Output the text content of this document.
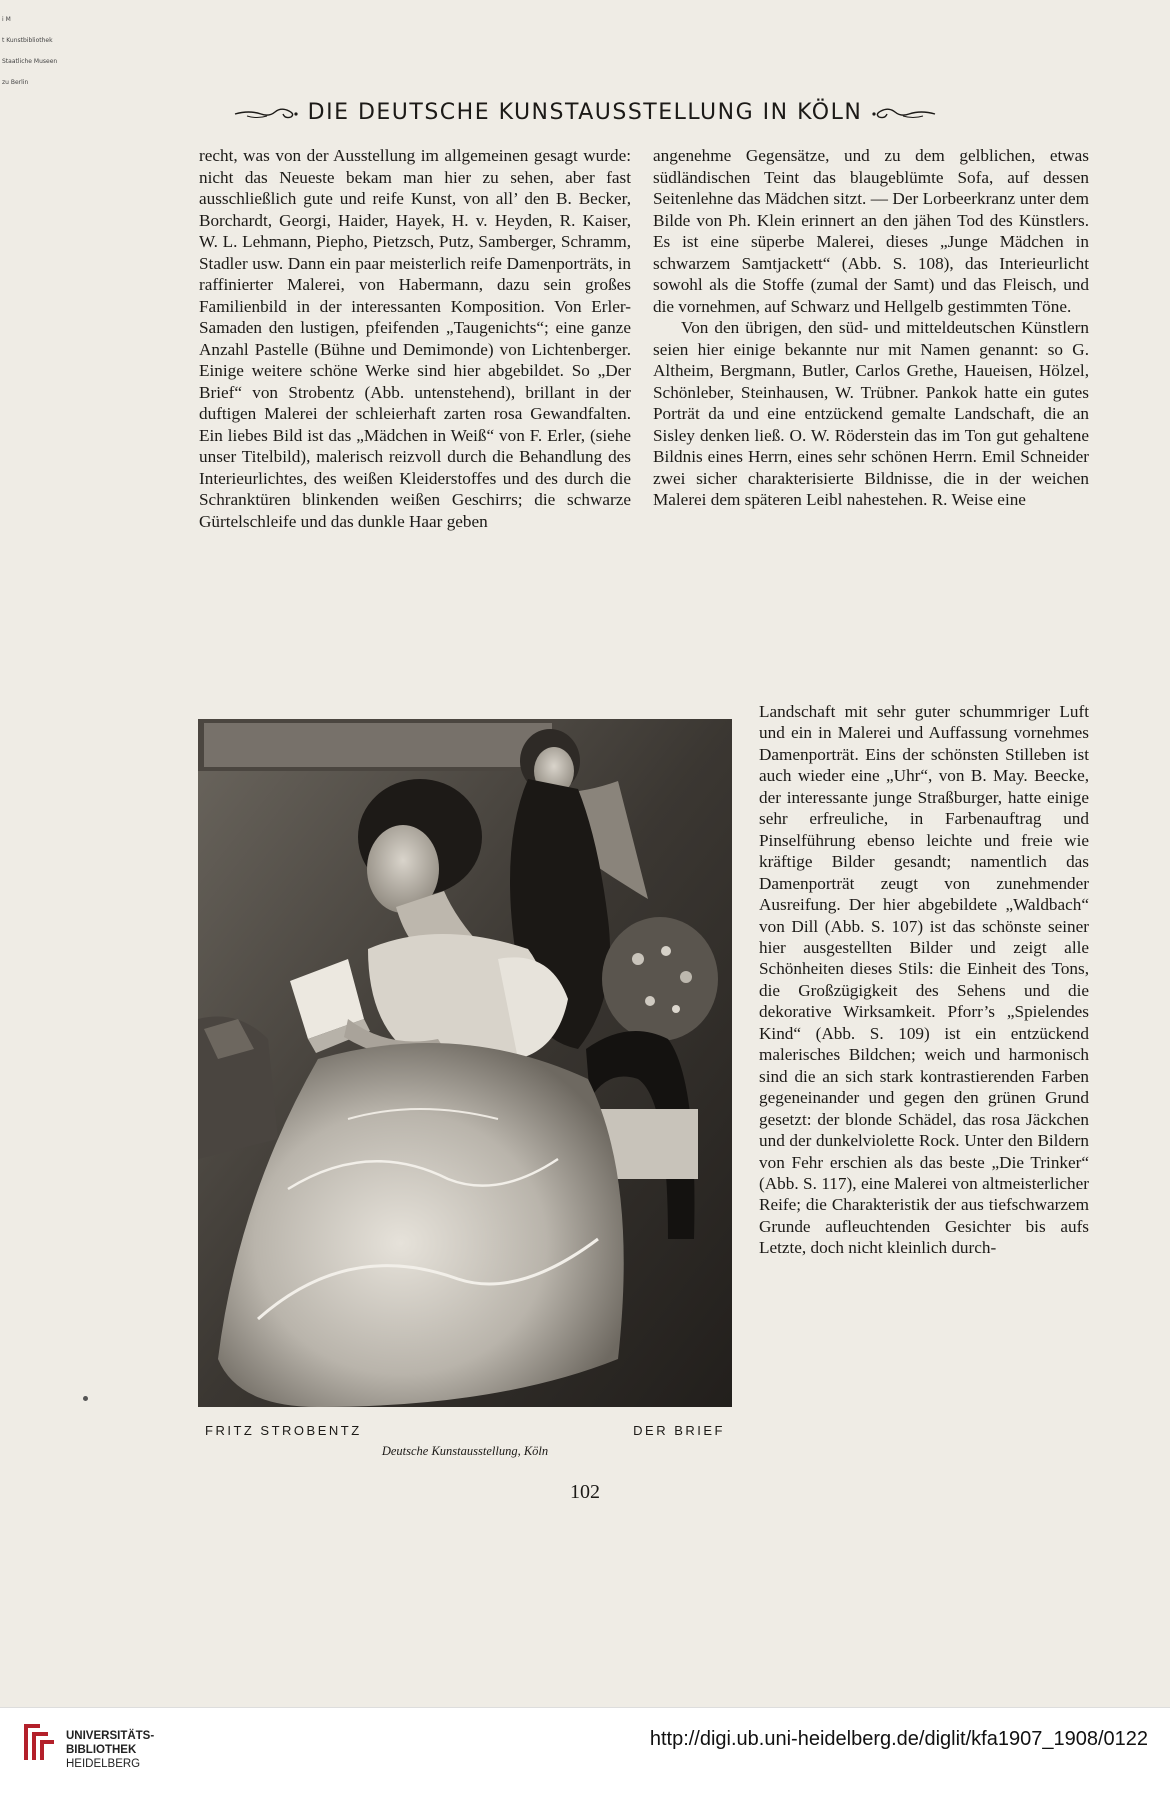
i M

t Kunstbibliothek

Staatliche Museen

zu Berlin

DIE DEUTSCHE KUNSTAUSSTELLUNG IN KÖLN

recht, was von der Ausstellung im allgemeinen gesagt wurde: nicht das Neueste bekam man hier zu sehen, aber fast ausschließlich gute und reife Kunst, von all’ den B. Becker, Borchardt, Georgi, Haider, Hayek, H. v. Heyden, R. Kaiser, W. L. Lehmann, Piepho, Pietzsch, Putz, Samberger, Schramm, Stadler usw. Dann ein paar meisterlich reife Damenporträts, in raffinierter Malerei, von Habermann, dazu sein großes Familienbild in der interessanten Komposition. Von Erler-Samaden den lustigen, pfeifenden „Taugenichts“; eine ganze Anzahl Pastelle (Bühne und Demimonde) von Lichtenberger. Einige weitere schöne Werke sind hier abgebildet. So „Der Brief“ von Strobentz (Abb. untenstehend), brillant in der duftigen Malerei der schleierhaft zarten rosa Gewandfalten. Ein liebes Bild ist das „Mädchen in Weiß“ von F. Erler, (siehe unser Titelbild), malerisch reizvoll durch die Behandlung des Interieurlichtes, des weißen Kleiderstoffes und des durch die Schranktüren blinkenden weißen Geschirrs; die schwarze Gürtelschleife und das dunkle Haar geben

angenehme Gegensätze, und zu dem gelblichen, etwas südländischen Teint das blaugeblümte Sofa, auf dessen Seitenlehne das Mädchen sitzt. — Der Lorbeerkranz unter dem Bilde von Ph. Klein erinnert an den jähen Tod des Künstlers. Es ist eine süperbe Malerei, dieses „Junge Mädchen in schwarzem Samtjackett“ (Abb. S. 108), das Interieurlicht sowohl als die Stoffe (zumal der Samt) und das Fleisch, und die vornehmen, auf Schwarz und Hellgelb gestimmten Töne.

Von den übrigen, den süd- und mitteldeutschen Künstlern seien hier einige bekannte nur mit Namen genannt: so G. Altheim, Bergmann, Butler, Carlos Grethe, Haueisen, Hölzel, Schönleber, Steinhausen, W. Trübner. Pankok hatte ein gutes Porträt da und eine entzückend gemalte Landschaft, die an Sisley denken ließ. O. W. Röderstein das im Ton gut gehaltene Bildnis eines Herrn, eines sehr schönen Herrn. Emil Schneider zwei sicher charakterisierte Bildnisse, die in der weichen Malerei dem späteren Leibl nahestehen. R. Weise eine

Landschaft mit sehr guter schummriger Luft und ein in Malerei und Auffassung vornehmes Damenporträt. Eins der schönsten Stilleben ist auch wieder eine „Uhr“, von B. May. Beecke, der interessante junge Straßburger, hatte einige sehr erfreuliche, in Farbenauftrag und Pinselführung ebenso leichte und freie wie kräftige Bilder gesandt; namentlich das Damenporträt zeugt von zunehmender Ausreifung. Der hier abgebildete „Waldbach“ von Dill (Abb. S. 107) ist das schönste seiner hier ausgestellten Bilder und zeigt alle Schönheiten dieses Stils: die Einheit des Tons, die Großzügigkeit des Sehens und die dekorative Wirksamkeit. Pforr’s „Spielendes Kind“ (Abb. S. 109) ist ein entzückend malerisches Bildchen; weich und harmonisch sind die an sich stark kontrastierenden Farben gegeneinander und gegen den grünen Grund gesetzt: der blonde Schädel, das rosa Jäckchen und der dunkelviolette Rock. Unter den Bildern von Fehr erschien als das beste „Die Trinker“ (Abb. S. 117), eine Malerei von altmeisterlicher Reife; die Charakteristik der aus tiefschwarzem Grunde aufleuchtenden Gesichter bis aufs Letzte, doch nicht kleinlich durch-

FRITZ STROBENTZ	DER BRIEF
Deutsche Kunstausstellung, Köln
102
UNIVERSITÄTS-
BIBLIOTHEK
HEIDELBERG
http://digi.ub.uni-heidelberg.de/diglit/kfa1907_1908/0122
